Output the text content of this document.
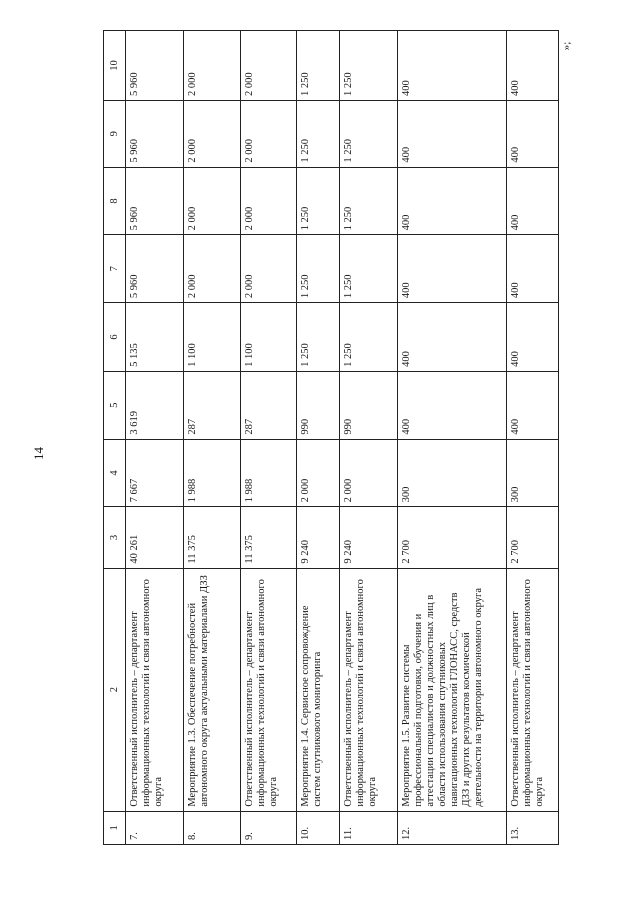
14
1	2	3	4	5	6	7	8	9	10
7.	Ответственный исполнитель – департамент информационных технологий и связи автономного округа	40 261	7 667	3 619	5 135	5 960	5 960	5 960	5 960
8.	Мероприятие 1.3. Обеспечение потребностей автономного округа актуальными материалами ДЗЗ	11 375	1 988	287	1 100	2 000	2 000	2 000	2 000
9.	Ответственный исполнитель – департамент информационных технологий и связи автономного округа	11 375	1 988	287	1 100	2 000	2 000	2 000	2 000
10.	Мероприятие 1.4. Сервисное сопровождение систем спутникового мониторинга	9 240	2 000	990	1 250	1 250	1 250	1 250	1 250
11.	Ответственный исполнитель – департамент информационных технологий и связи автономного округа	9 240	2 000	990	1 250	1 250	1 250	1 250	1 250
12.	Мероприятие 1.5. Развитие системы профессиональной подготовки, обучения и аттестации специалистов и должностных лиц в области использования спутниковых навигационных технологий ГЛОНАСС, средств ДЗЗ и других результатов космической деятельности на территории автономного округа	2 700	300	400	400	400	400	400	400
13.	Ответственный исполнитель – департамент информационных технологий и связи автономного округа	2 700	300	400	400	400	400	400	400
»;
